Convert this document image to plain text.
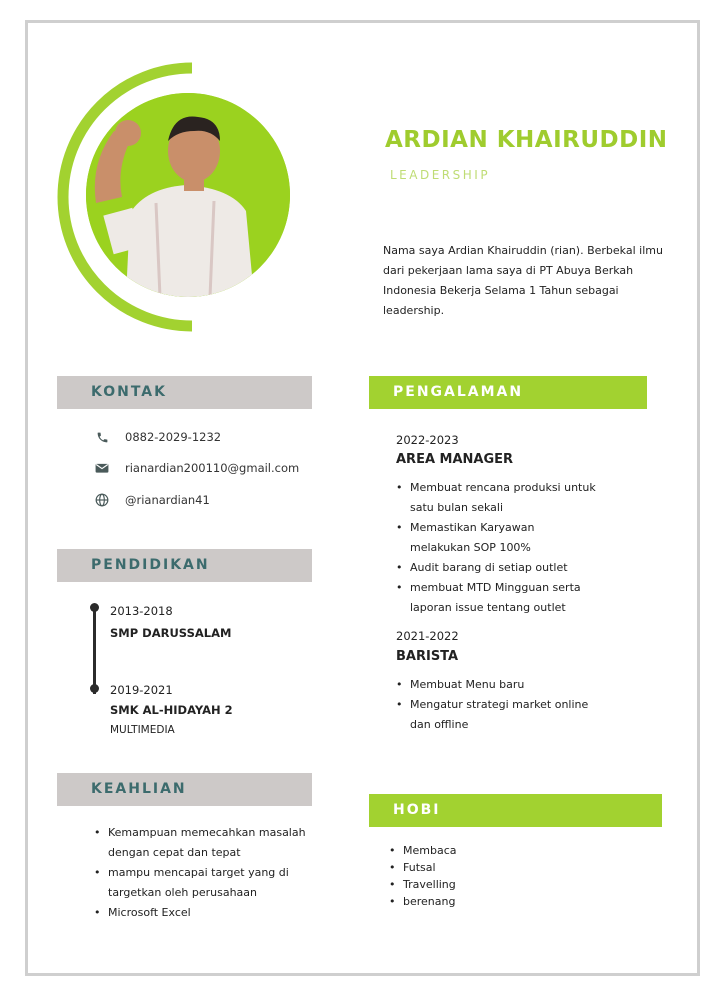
ARDIAN KHAIRUDDIN
LEADERSHIP
Nama saya Ardian Khairuddin (rian). Berbekal ilmu dari pekerjaan lama saya di PT Abuya Berkah Indonesia Bekerja Selama 1 Tahun sebagai leadership.
KONTAK
0882-2029-1232
rianardian200110@gmail.com
@rianardian41
PENDIDIKAN
2013-2018
SMP DARUSSALAM
2019-2021
SMK AL-HIDAYAH 2
MULTIMEDIA
KEAHLIAN
• Kemampuan memecahkan masalah dengan cepat dan tepat
• mampu mencapai target yang di targetkan oleh perusahaan
• Microsoft Excel
PENGALAMAN
2022-2023
AREA MANAGER
• Membuat rencana produksi untuk satu bulan sekali
• Memastikan Karyawan melakukan SOP 100%
• Audit barang di setiap outlet
• membuat MTD Mingguan serta laporan issue tentang outlet
2021-2022
BARISTA
• Membuat Menu baru
• Mengatur strategi market online dan offline
HOBI
• Membaca
• Futsal
• Travelling
• berenang
